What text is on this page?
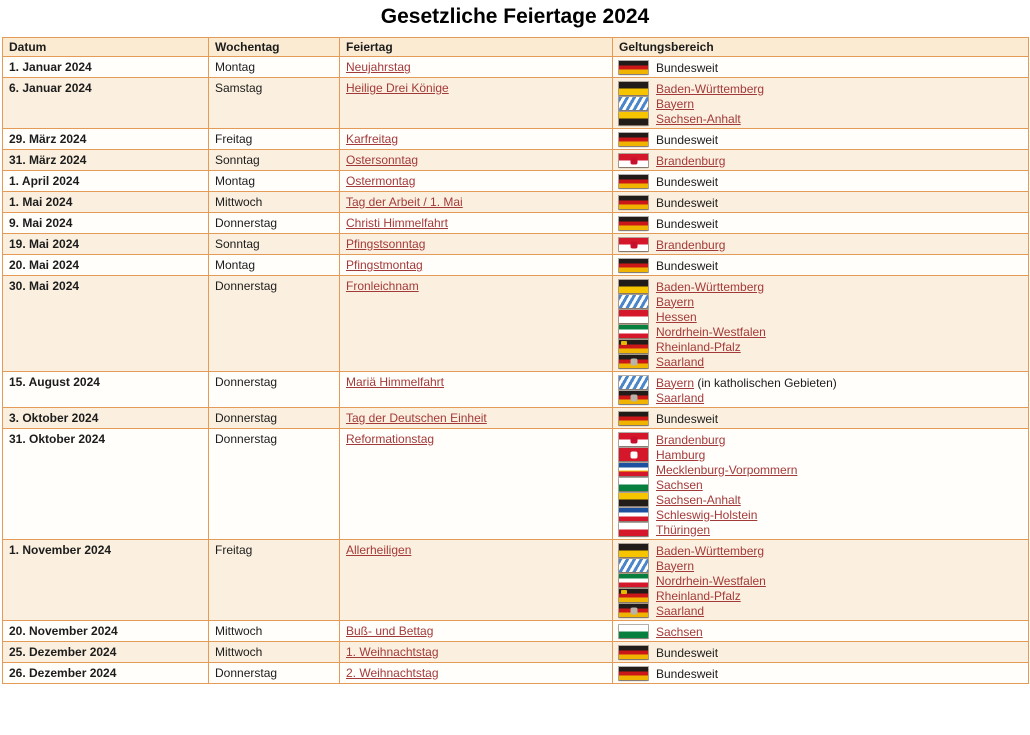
Gesetzliche Feiertage 2024
Datum	Wochentag	Feiertag	Geltungsbereich
1. Januar 2024	Montag	Neujahrstag	Bundesweit

6. Januar 2024	Samstag	Heilige Drei Könige	Baden-Württemberg
Bayern
Sachsen-Anhalt

29. März 2024	Freitag	Karfreitag	Bundesweit

31. März 2024	Sonntag	Ostersonntag	Brandenburg

1. April 2024	Montag	Ostermontag	Bundesweit

1. Mai 2024	Mittwoch	Tag der Arbeit / 1. Mai	Bundesweit

9. Mai 2024	Donnerstag	Christi Himmelfahrt	Bundesweit

19. Mai 2024	Sonntag	Pfingstsonntag	Brandenburg

20. Mai 2024	Montag	Pfingstmontag	Bundesweit

30. Mai 2024	Donnerstag	Fronleichnam	Baden-Württemberg
Bayern
Hessen
Nordrhein-Westfalen
Rheinland-Pfalz
Saarland

15. August 2024	Donnerstag	Mariä Himmelfahrt	Bayern (in katholischen Gebieten)
Saarland

3. Oktober 2024	Donnerstag	Tag der Deutschen Einheit	Bundesweit

31. Oktober 2024	Donnerstag	Reformationstag	Brandenburg
Hamburg
Mecklenburg-Vorpommern
Sachsen
Sachsen-Anhalt
Schleswig-Holstein
Thüringen

1. November 2024	Freitag	Allerheiligen	Baden-Württemberg
Bayern
Nordrhein-Westfalen
Rheinland-Pfalz
Saarland

20. November 2024	Mittwoch	Buß- und Bettag	Sachsen

25. Dezember 2024	Mittwoch	1. Weihnachtstag	Bundesweit

26. Dezember 2024	Donnerstag	2. Weihnachtstag	Bundesweit
